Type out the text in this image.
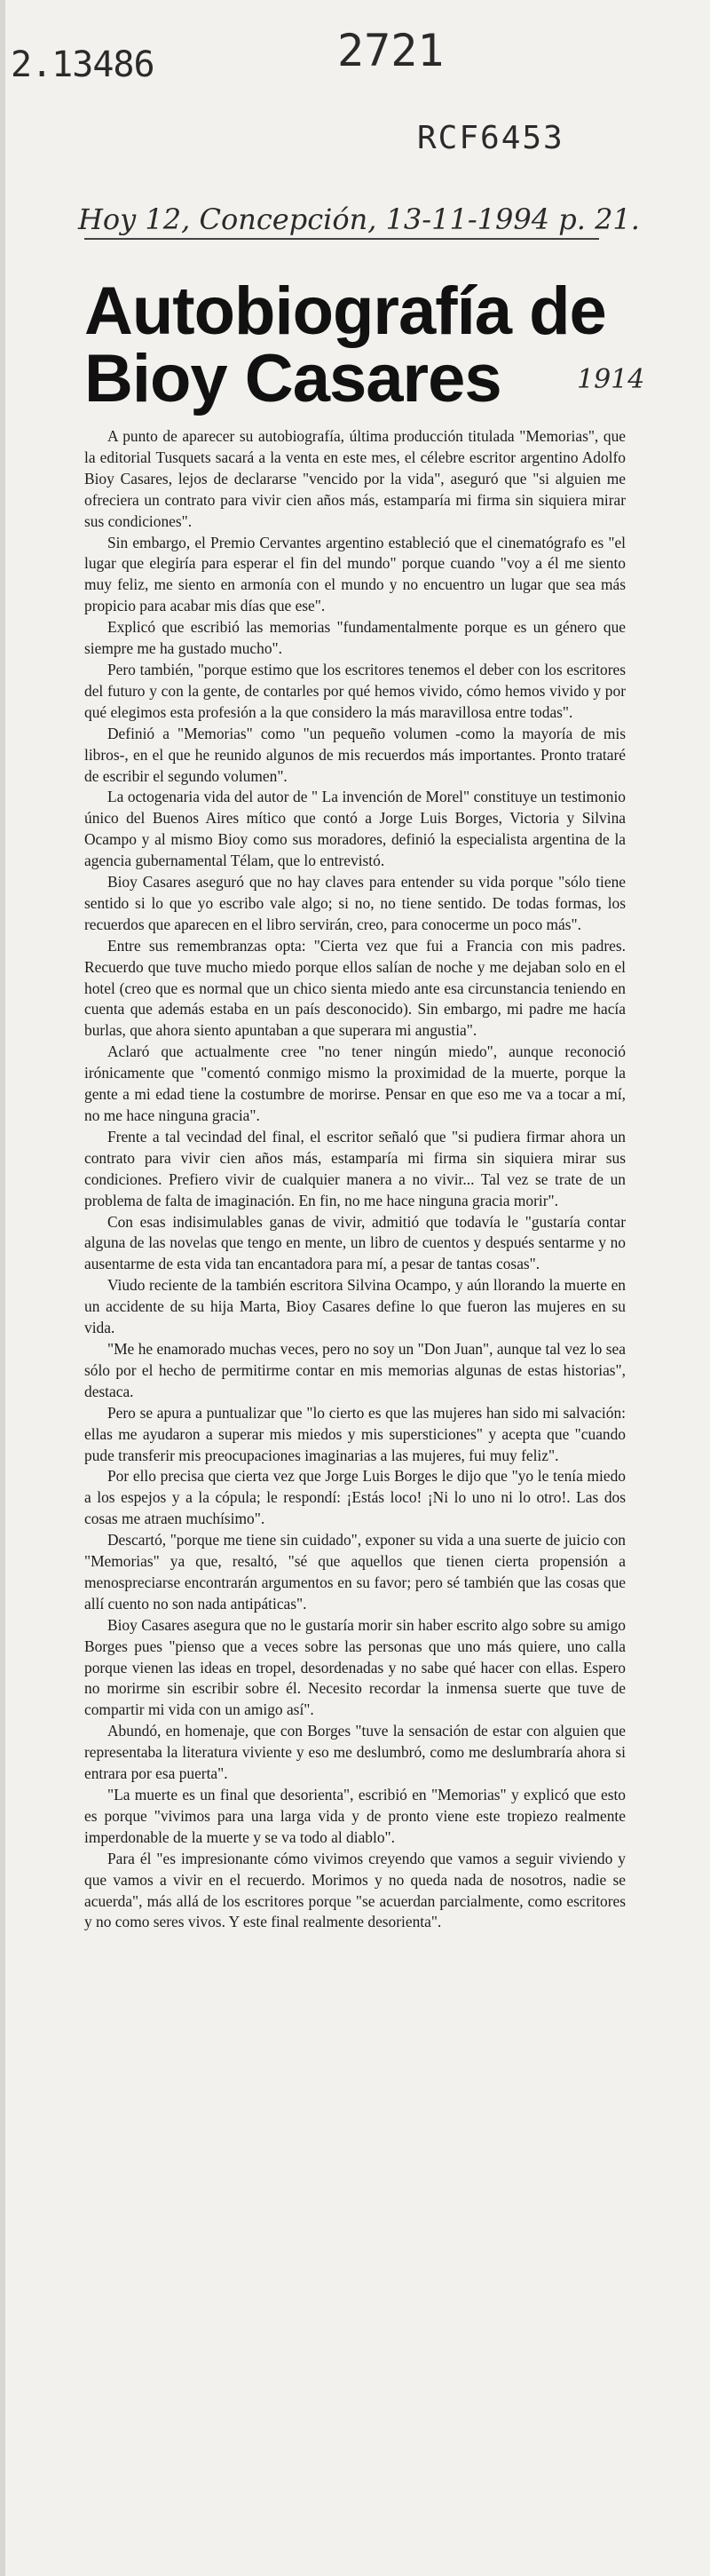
2.13486	2721
RCF6453
Hoy 12, Concepción, 13-11-1994 p. 21.
Autobiografía de
Bioy Casares	1914

A punto de aparecer su autobiografía, última producción titulada "Memorias", que la editorial Tusquets sacará a la venta en este mes, el célebre escritor argentino Adolfo Bioy Casares, lejos de declararse "vencido por la vida", aseguró que "si alguien me ofreciera un contrato para vivir cien años más, estamparía mi firma sin siquiera mirar sus condiciones".

Sin embargo, el Premio Cervantes argentino estableció que el cinematógrafo es "el lugar que elegiría para esperar el fin del mundo" porque cuando "voy a él me siento muy feliz, me siento en armonía con el mundo y no encuentro un lugar que sea más propicio para acabar mis días que ese".

Explicó que escribió las memorias "fundamentalmente porque es un género que siempre me ha gustado mucho".

Pero también, "porque estimo que los escritores tenemos el deber con los escritores del futuro y con la gente, de contarles por qué hemos vivido, cómo hemos vivido y por qué elegimos esta profesión a la que considero la más maravillosa entre todas".

Definió a "Memorias" como "un pequeño volumen -como la mayoría de mis libros-, en el que he reunido algunos de mis recuerdos más importantes. Pronto trataré de escribir el segundo volumen".

La octogenaria vida del autor de " La invención de Morel" constituye un testimonio único del Buenos Aires mítico que contó a Jorge Luis Borges, Victoria y Silvina Ocampo y al mismo Bioy como sus moradores, definió la especialista argentina de la agencia gubernamental Télam, que lo entrevistó.

Bioy Casares aseguró que no hay claves para entender su vida porque "sólo tiene sentido si lo que yo escribo vale algo; si no, no tiene sentido. De todas formas, los recuerdos que aparecen en el libro servirán, creo, para conocerme un poco más".

Entre sus remembranzas opta: "Cierta vez que fui a Francia con mis padres. Recuerdo que tuve mucho miedo porque ellos salían de noche y me dejaban solo en el hotel (creo que es normal que un chico sienta miedo ante esa circunstancia teniendo en cuenta que además estaba en un país desconocido). Sin embargo, mi padre me hacía burlas, que ahora siento apuntaban a que superara mi angustia".

Aclaró que actualmente cree "no tener ningún miedo", aunque reconoció irónicamente que "comentó conmigo mismo la proximidad de la muerte, porque la gente a mi edad tiene la costumbre de morirse. Pensar en que eso me va a tocar a mí, no me hace ninguna gracia".

Frente a tal vecindad del final, el escritor señaló que "si pudiera firmar ahora un contrato para vivir cien años más, estamparía mi firma sin siquiera mirar sus condiciones. Prefiero vivir de cualquier manera a no vivir... Tal vez se trate de un problema de falta de imaginación. En fin, no me hace ninguna gracia morir".

Con esas indisimulables ganas de vivir, admitió que todavía le "gustaría contar alguna de las novelas que tengo en mente, un libro de cuentos y después sentarme y no ausentarme de esta vida tan encantadora para mí, a pesar de tantas cosas".

Viudo reciente de la también escritora Silvina Ocampo, y aún llorando la muerte en un accidente de su hija Marta, Bioy Casares define lo que fueron las mujeres en su vida.

"Me he enamorado muchas veces, pero no soy un "Don Juan", aunque tal vez lo sea sólo por el hecho de permitirme contar en mis memorias algunas de estas historias", destaca.

Pero se apura a puntualizar que "lo cierto es que las mujeres han sido mi salvación: ellas me ayudaron a superar mis miedos y mis supersticiones" y acepta que "cuando pude transferir mis preocupaciones imaginarias a las mujeres, fui muy feliz".

Por ello precisa que cierta vez que Jorge Luis Borges le dijo que "yo le tenía miedo a los espejos y a la cópula; le respondí: ¡Estás loco! ¡Ni lo uno ni lo otro!. Las dos cosas me atraen muchísimo".

Descartó, "porque me tiene sin cuidado", exponer su vida a una suerte de juicio con "Memorias" ya que, resaltó, "sé que aquellos que tienen cierta propensión a menospreciarse encontrarán argumentos en su favor; pero sé también que las cosas que allí cuento no son nada antipáticas".

Bioy Casares asegura que no le gustaría morir sin haber escrito algo sobre su amigo Borges pues "pienso que a veces sobre las personas que uno más quiere, uno calla porque vienen las ideas en tropel, desordenadas y no sabe qué hacer con ellas. Espero no morirme sin escribir sobre él. Necesito recordar la inmensa suerte que tuve de compartir mi vida con un amigo así".

Abundó, en homenaje, que con Borges "tuve la sensación de estar con alguien que representaba la literatura viviente y eso me deslumbró, como me deslumbraría ahora si entrara por esa puerta".

"La muerte es un final que desorienta", escribió en "Memorias" y explicó que esto es porque "vivimos para una larga vida y de pronto viene este tropiezo realmente imperdonable de la muerte y se va todo al diablo".

Para él "es impresionante cómo vivimos creyendo que vamos a seguir viviendo y que vamos a vivir en el recuerdo. Morimos y no queda nada de nosotros, nadie se acuerda", más allá de los escritores porque "se acuerdan parcialmente, como escritores y no como seres vivos. Y este final realmente desorienta".
